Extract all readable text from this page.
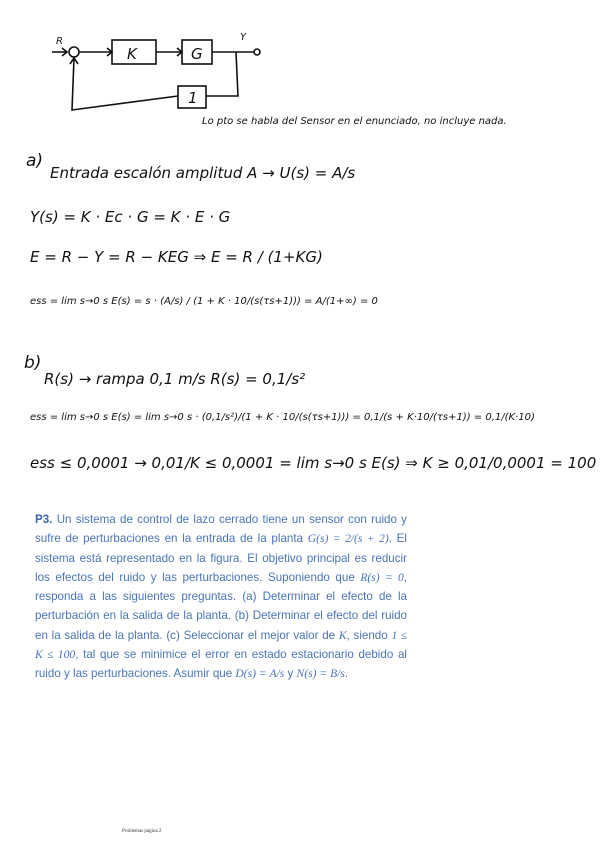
R	Y
K	G
1
Lo pto se habla del Sensor en el enunciado, no incluye nada.
a)
Entrada escalón amplitud A → U(s) = A/s
Y(s) = K · Ec · G = K · E · G
E = R − Y = R − KEG ⇒ E = R / (1+KG)
ess = lim s→0 s E(s) = s · (A/s) / (1 + K · 10/(s(τs+1))) = A/(1+∞) = 0
b)
R(s) → rampa 0,1 m/s R(s) = 0,1/s²
ess = lim s→0 s E(s) = lim s→0 s · (0,1/s²)/(1 + K · 10/(s(τs+1))) = 0,1/(s + K·10/(τs+1)) = 0,1/(K·10)
ess ≤ 0,0001 → 0,01/K ≤ 0,0001 = lim s→0 s E(s) ⇒ K ≥ 0,01/0,0001 = 100
P3. Un sistema de control de lazo cerrado tiene un sensor con ruido y sufre de perturbaciones en la entrada de la planta G(s) = 2/(s + 2). El sistema está representado en la figura. El objetivo principal es reducir los efectos del ruido y las perturbaciones. Suponiendo que R(s) = 0, responda a las siguientes preguntas. (a) Determinar el efecto de la perturbación en la salida de la planta. (b) Determinar el efecto del ruido en la salida de la planta. (c) Seleccionar el mejor valor de K, siendo 1 ≤ K ≤ 100, tal que se minimice el error en estado estacionario debido al ruido y las perturbaciones. Asumir que D(s) = A/s y N(s) = B/s.
Problemas página 2
